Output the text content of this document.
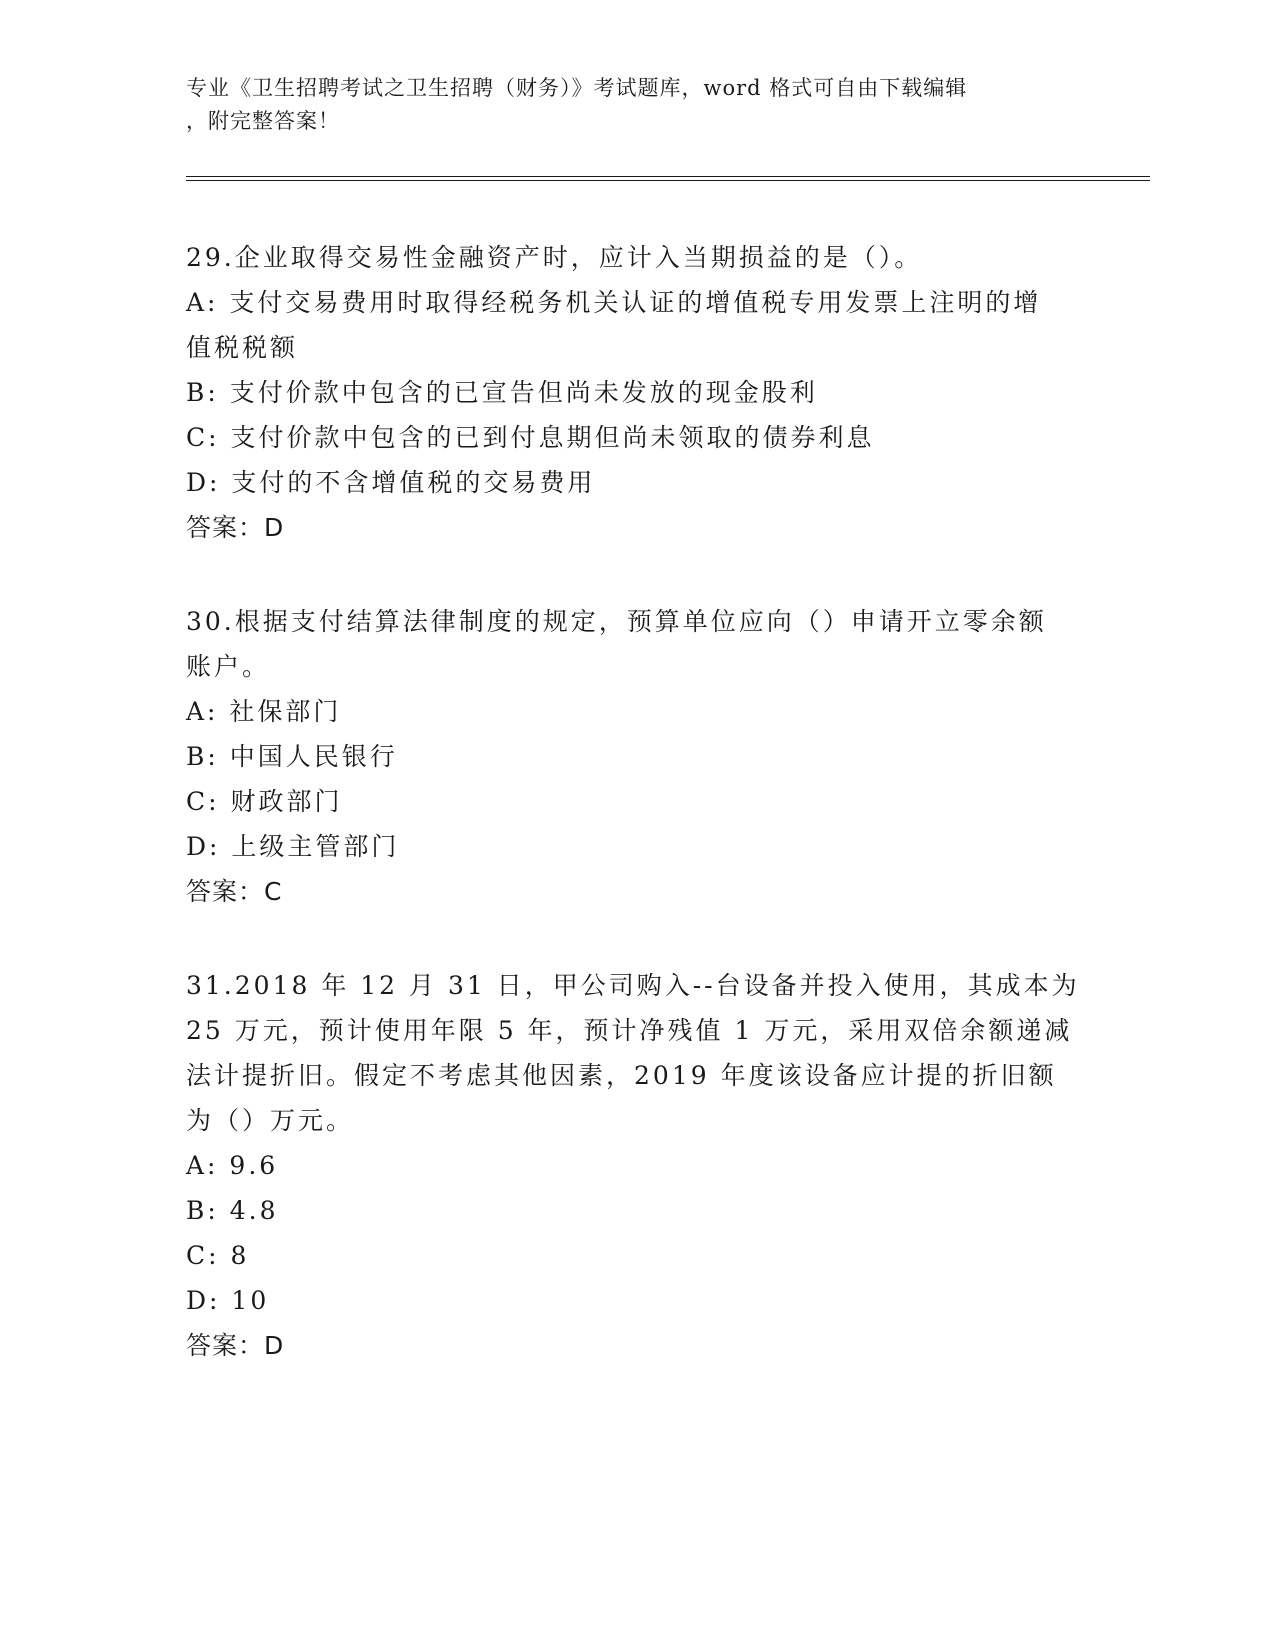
专业《卫生招聘考试之卫生招聘（财务）》考试题库，word 格式可自由下载编辑
，附完整答案！
29.企业取得交易性金融资产时，应计入当期损益的是（）。
A: 支付交易费用时取得经税务机关认证的增值税专用发票上注明的增
值税税额
B: 支付价款中包含的已宣告但尚未发放的现金股利
C: 支付价款中包含的已到付息期但尚未领取的债券利息
D: 支付的不含增值税的交易费用
答案：D
30.根据支付结算法律制度的规定，预算单位应向（）申请开立零余额
账户。
A: 社保部门
B: 中国人民银行
C: 财政部门
D: 上级主管部门
答案：C
31.2018 年 12 月 31 日，甲公司购入--台设备并投入使用，其成本为
25 万元，预计使用年限 5 年，预计净残值 1 万元，采用双倍余额递减
法计提折旧。假定不考虑其他因素，2019 年度该设备应计提的折旧额
为（）万元。
A: 9.6
B: 4.8
C: 8
D: 10
答案：D
